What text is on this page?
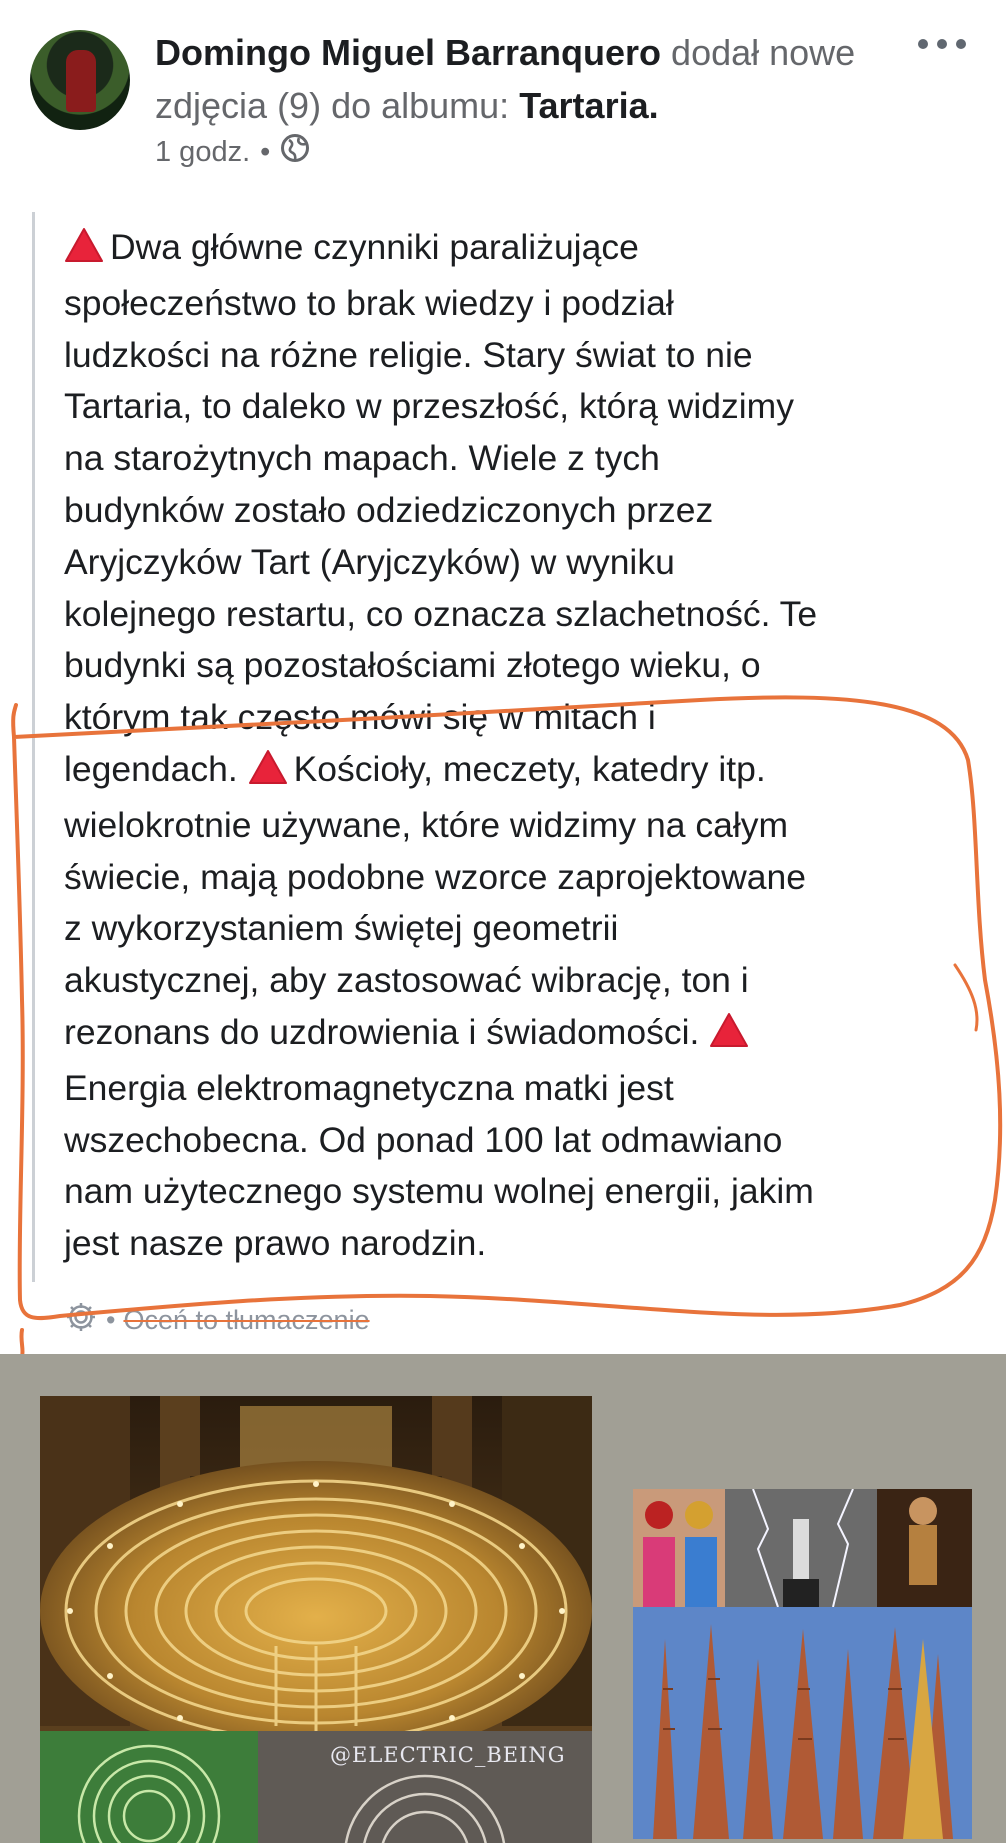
Domingo Miguel Barranquero dodał nowe zdjęcia (9) do albumu: Tartaria.
1 godz. •

Dwa główne czynniki paraliżujące
społeczeństwo to brak wiedzy i podział
ludzkości na różne religie. Stary świat to nie
Tartaria, to daleko w przeszłość, którą widzimy
na starożytnych mapach. Wiele z tych
budynków zostało odziedziczonych przez
Aryjczyków Tart (Aryjczyków) w wyniku
kolejnego restartu, co oznacza szlachetność. Te
budynki są pozostałościami złotego wieku, o
którym tak często mówi się w mitach i
legendach. Kościoły, meczety, katedry itp.
wielokrotnie używane, które widzimy na całym
świecie, mają podobne wzorce zaprojektowane
z wykorzystaniem świętej geometrii
akustycznej, aby zastosować wibrację, ton i
rezonans do uzdrowienia i świadomości.
Energia elektromagnetyczna matki jest
wszechobecna. Od ponad 100 lat odmawiano
nam użytecznego systemu wolnej energii, jakim
jest nasze prawo narodzin.

• Oceń to tłumaczenie
@ELECTRIC_BEING
